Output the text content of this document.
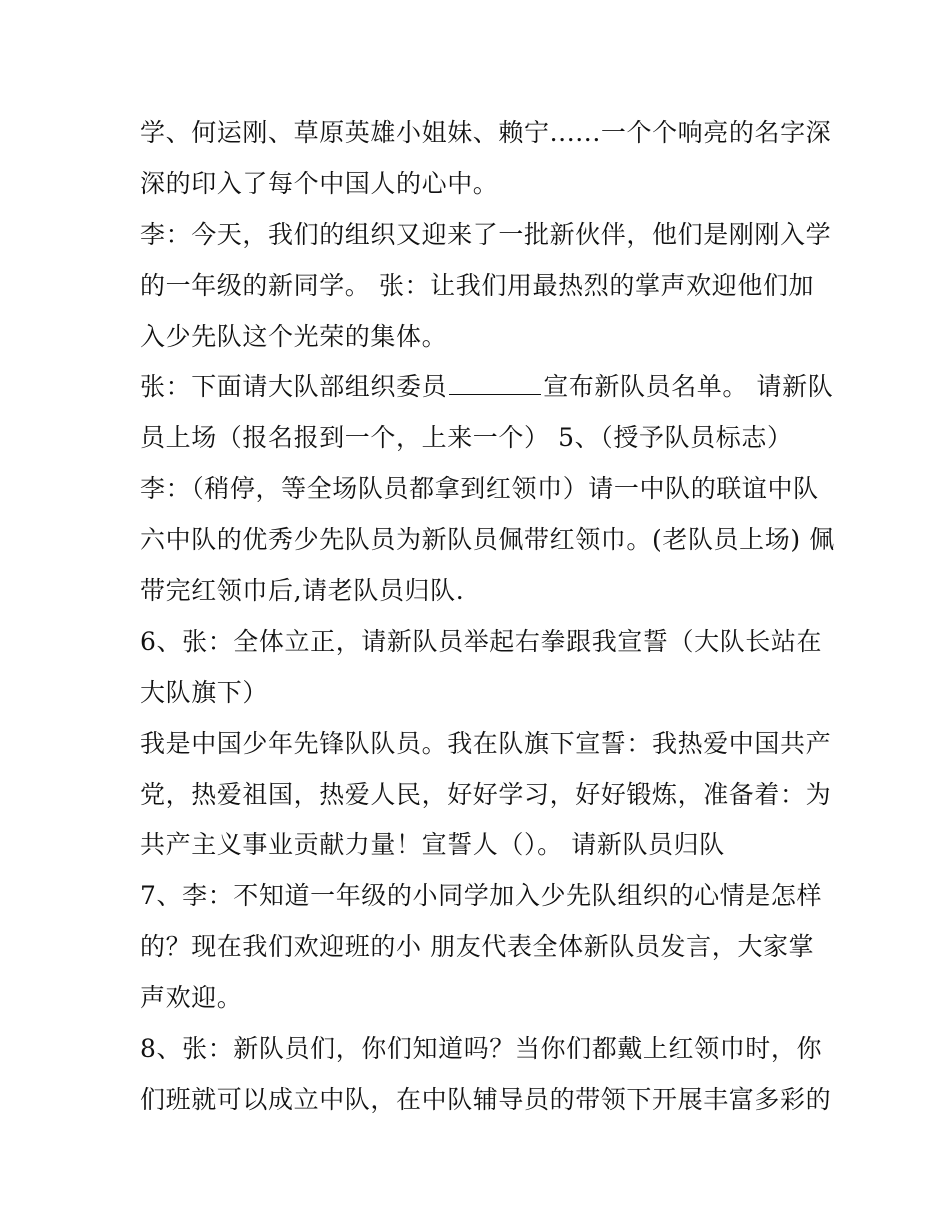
学、何运刚、草原英雄小姐妹、赖宁......一个个响亮的名字深
深的印入了每个中国人的心中。
李：今天，我们的组织又迎来了一批新伙伴，他们是刚刚入学
的一年级的新同学。 张：让我们用最热烈的掌声欢迎他们加
入少先队这个光荣的集体。
张：下面请大队部组织委员	宣布新队员名单。 请新队
员上场（报名报到一个，上来一个） 5、（授予队员标志）
李：（稍停，等全场队员都拿到红领巾）请一中队的联谊中队
六中队的优秀少先队员为新队员佩带红领巾。(老队员上场) 佩
带完红领巾后,请老队员归队.
6、张：全体立正，请新队员举起右拳跟我宣誓（大队长站在
大队旗下）
我是中国少年先锋队队员。我在队旗下宣誓：我热爱中国共产
党，热爱祖国，热爱人民，好好学习，好好锻炼，准备着：为
共产主义事业贡献力量！宣誓人（）。 请新队员归队
7、李：不知道一年级的小同学加入少先队组织的心情是怎样
的？现在我们欢迎班的小 朋友代表全体新队员发言，大家掌
声欢迎。
8、张：新队员们，你们知道吗？当你们都戴上红领巾时，你
们班就可以成立中队，在中队辅导员的带领下开展丰富多彩的
